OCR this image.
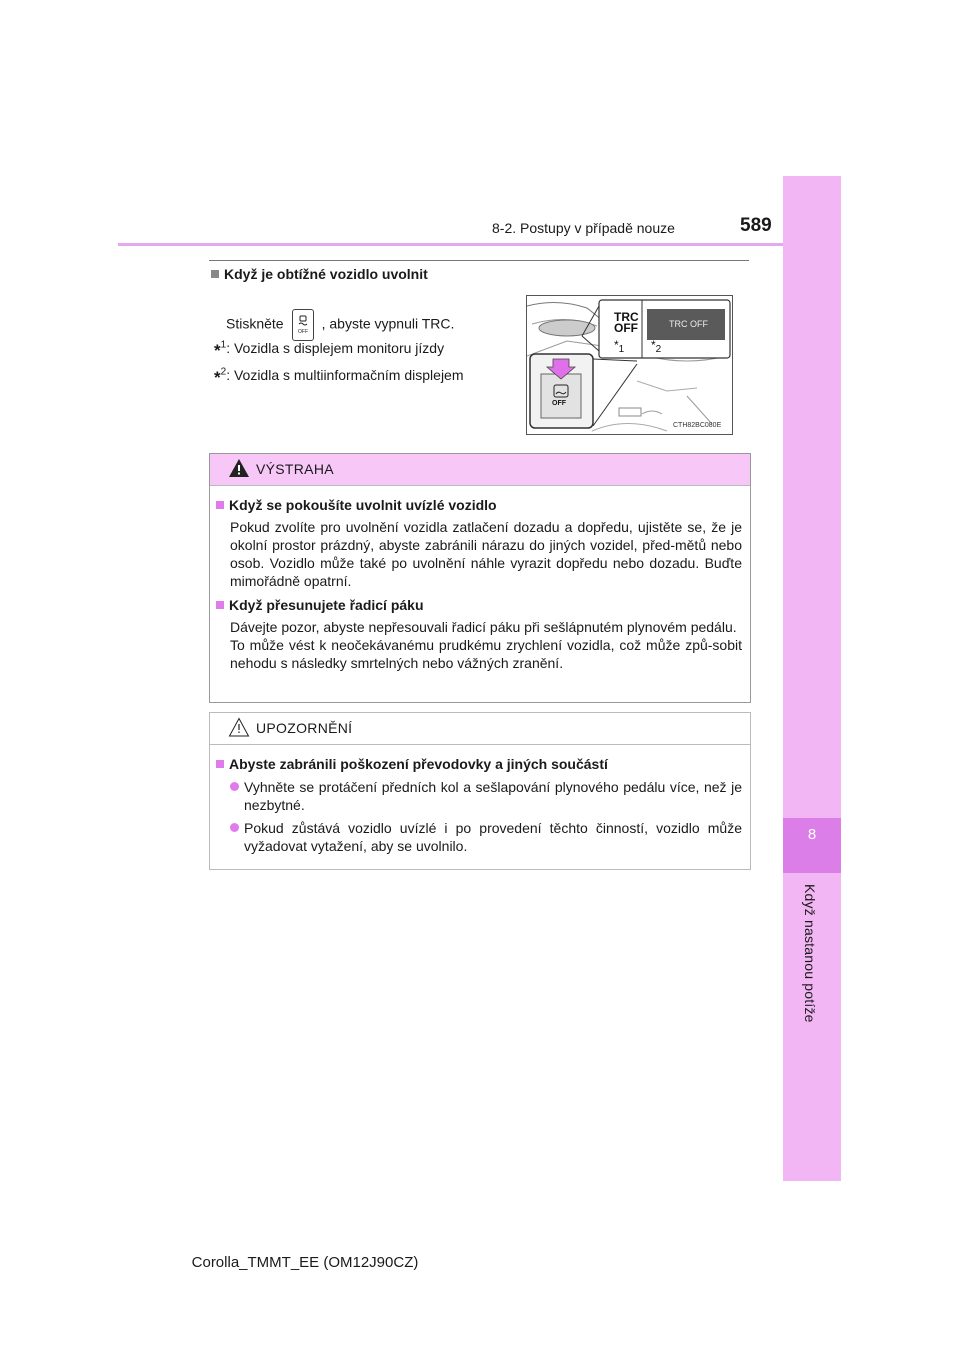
8
Když nastanou potíže
8-2. Postupy v případě nouze	589
Když je obtížné vozidlo uvolnit
Stiskněte
OFF
, abyste vypnuli TRC.
*$^1$: Vozidla s displejem monitoru jízdy
*$^2$: Vozidla s multiinformačním displejem
TRC
OFF	TRC OFF
$*_1$ $*_2$
OFF
CTH82BC080E
VÝSTRAHA
Když se pokoušíte uvolnit uvízlé vozidlo
Pokud zvolíte pro uvolnění vozidla zatlačení dozadu a dopředu, ujistěte se, že je okolní prostor prázdný, abyste zabránili nárazu do jiných vozidel, před-mětů nebo osob. Vozidlo může také po uvolnění náhle vyrazit dopředu nebo dozadu. Buďte mimořádně opatrní.
Když přesunujete řadicí páku
Dávejte pozor, abyste nepřesouvali řadicí páku při sešlápnutém plynovém pedálu.
To může vést k neočekávanému prudkému zrychlení vozidla, což může způ-sobit nehodu s následky smrtelných nebo vážných zranění.
UPOZORNĚNÍ
Abyste zabránili poškození převodovky a jiných součástí
Vyhněte se protáčení předních kol a sešlapování plynového pedálu více, než je nezbytné.
Pokud zůstává vozidlo uvízlé i po provedení těchto činností, vozidlo může vyžadovat vytažení, aby se uvolnilo.
Corolla_TMMT_EE (OM12J90CZ)
